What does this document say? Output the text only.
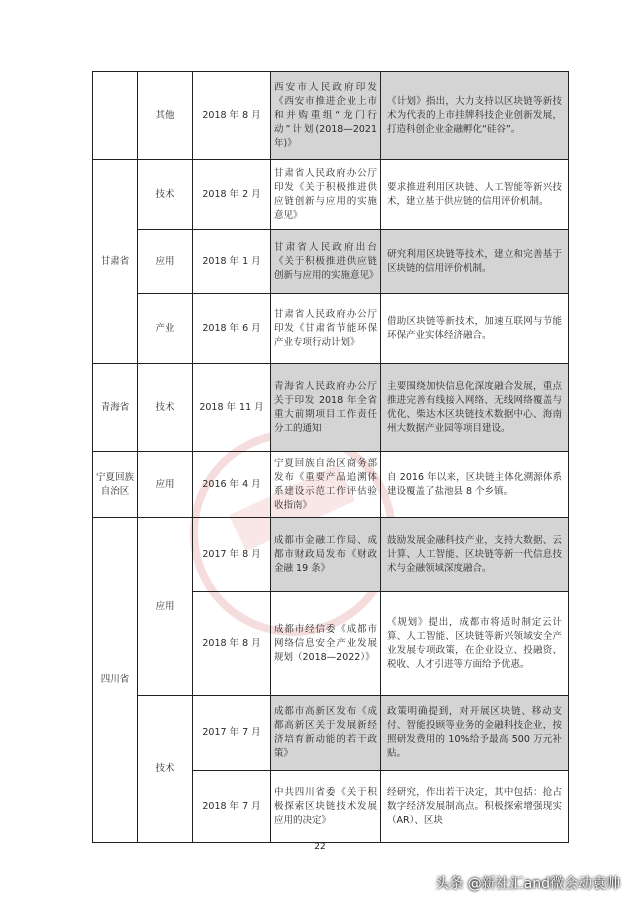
	其他	2018 年 8 月	西安市人民政府印发《西安市推进企业上市和并购重组“龙门行动”计划(2018—2021 年)》	《计划》指出，大力支持以区块链等新技术为代表的上市挂牌科技企业创新发展，打造科创企业金融孵化“硅谷”。
甘肃省	技术	2018 年 2 月	甘肃省人民政府办公厅印发《关于积极推进供应链创新与应用的实施意见》	要求推进利用区块链、人工智能等新兴技术，建立基于供应链的信用评价机制。
	应用	2018 年 1 月	甘肃省人民政府出台《关于积极推进供应链创新与应用的实施意见》	研究利用区块链等技术，建立和完善基于区块链的信用评价机制。
	产业	2018 年 6 月	甘肃省人民政府办公厅印发《甘肃省节能环保产业专项行动计划》	借助区块链等新技术，加速互联网与节能环保产业实体经济融合。
青海省	技术	2018 年 11 月	青海省人民政府办公厅关于印发 2018 年全省重大前期项目工作责任分工的通知	主要围绕加快信息化深度融合发展，重点推进完善有线接入网络、无线网络覆盖与优化、柴达木区块链技术数据中心、海南州大数据产业园等项目建设。
宁夏回族自治区	应用	2016 年 4 月	宁夏回族自治区商务部发布《重要产品追溯体系建设示范工作评估验收指南》	自 2016 年以来，区块链主体化溯源体系建设覆盖了盐池县 8 个乡镇。
四川省	应用	2017 年 8 月	成都市金融工作局、成都市财政局发布《财政金融 19 条》	鼓励发展金融科技产业，支持大数据、云计算、人工智能、区块链等新一代信息技术与金融领域深度融合。
		2018 年 8 月	成都市经信委《成都市网络信息安全产业发展规划（2018—2022）》	《规划》提出，成都市将适时制定云计算、人工智能、区块链等新兴领域安全产业发展专项政策，在企业设立、投融资、税收、人才引进等方面给予优惠。
	技术	2017 年 7 月	成都市高新区发布《成都高新区关于发展新经济培育新动能的若干政策》	政策明确提到，对开展区块链、移动支付、智能投顾等业务的金融科技企业，按照研发费用的 10%给予最高 500 万元补贴。
		2018 年 7 月	中共四川省委《关于积极探索区块链技术发展应用的决定》	经研究，作出若干决定，其中包括：抢占数字经济发展制高点。积极探索增强现实（AR）、区块
22
头条 @新社汇and微会动袁帅
